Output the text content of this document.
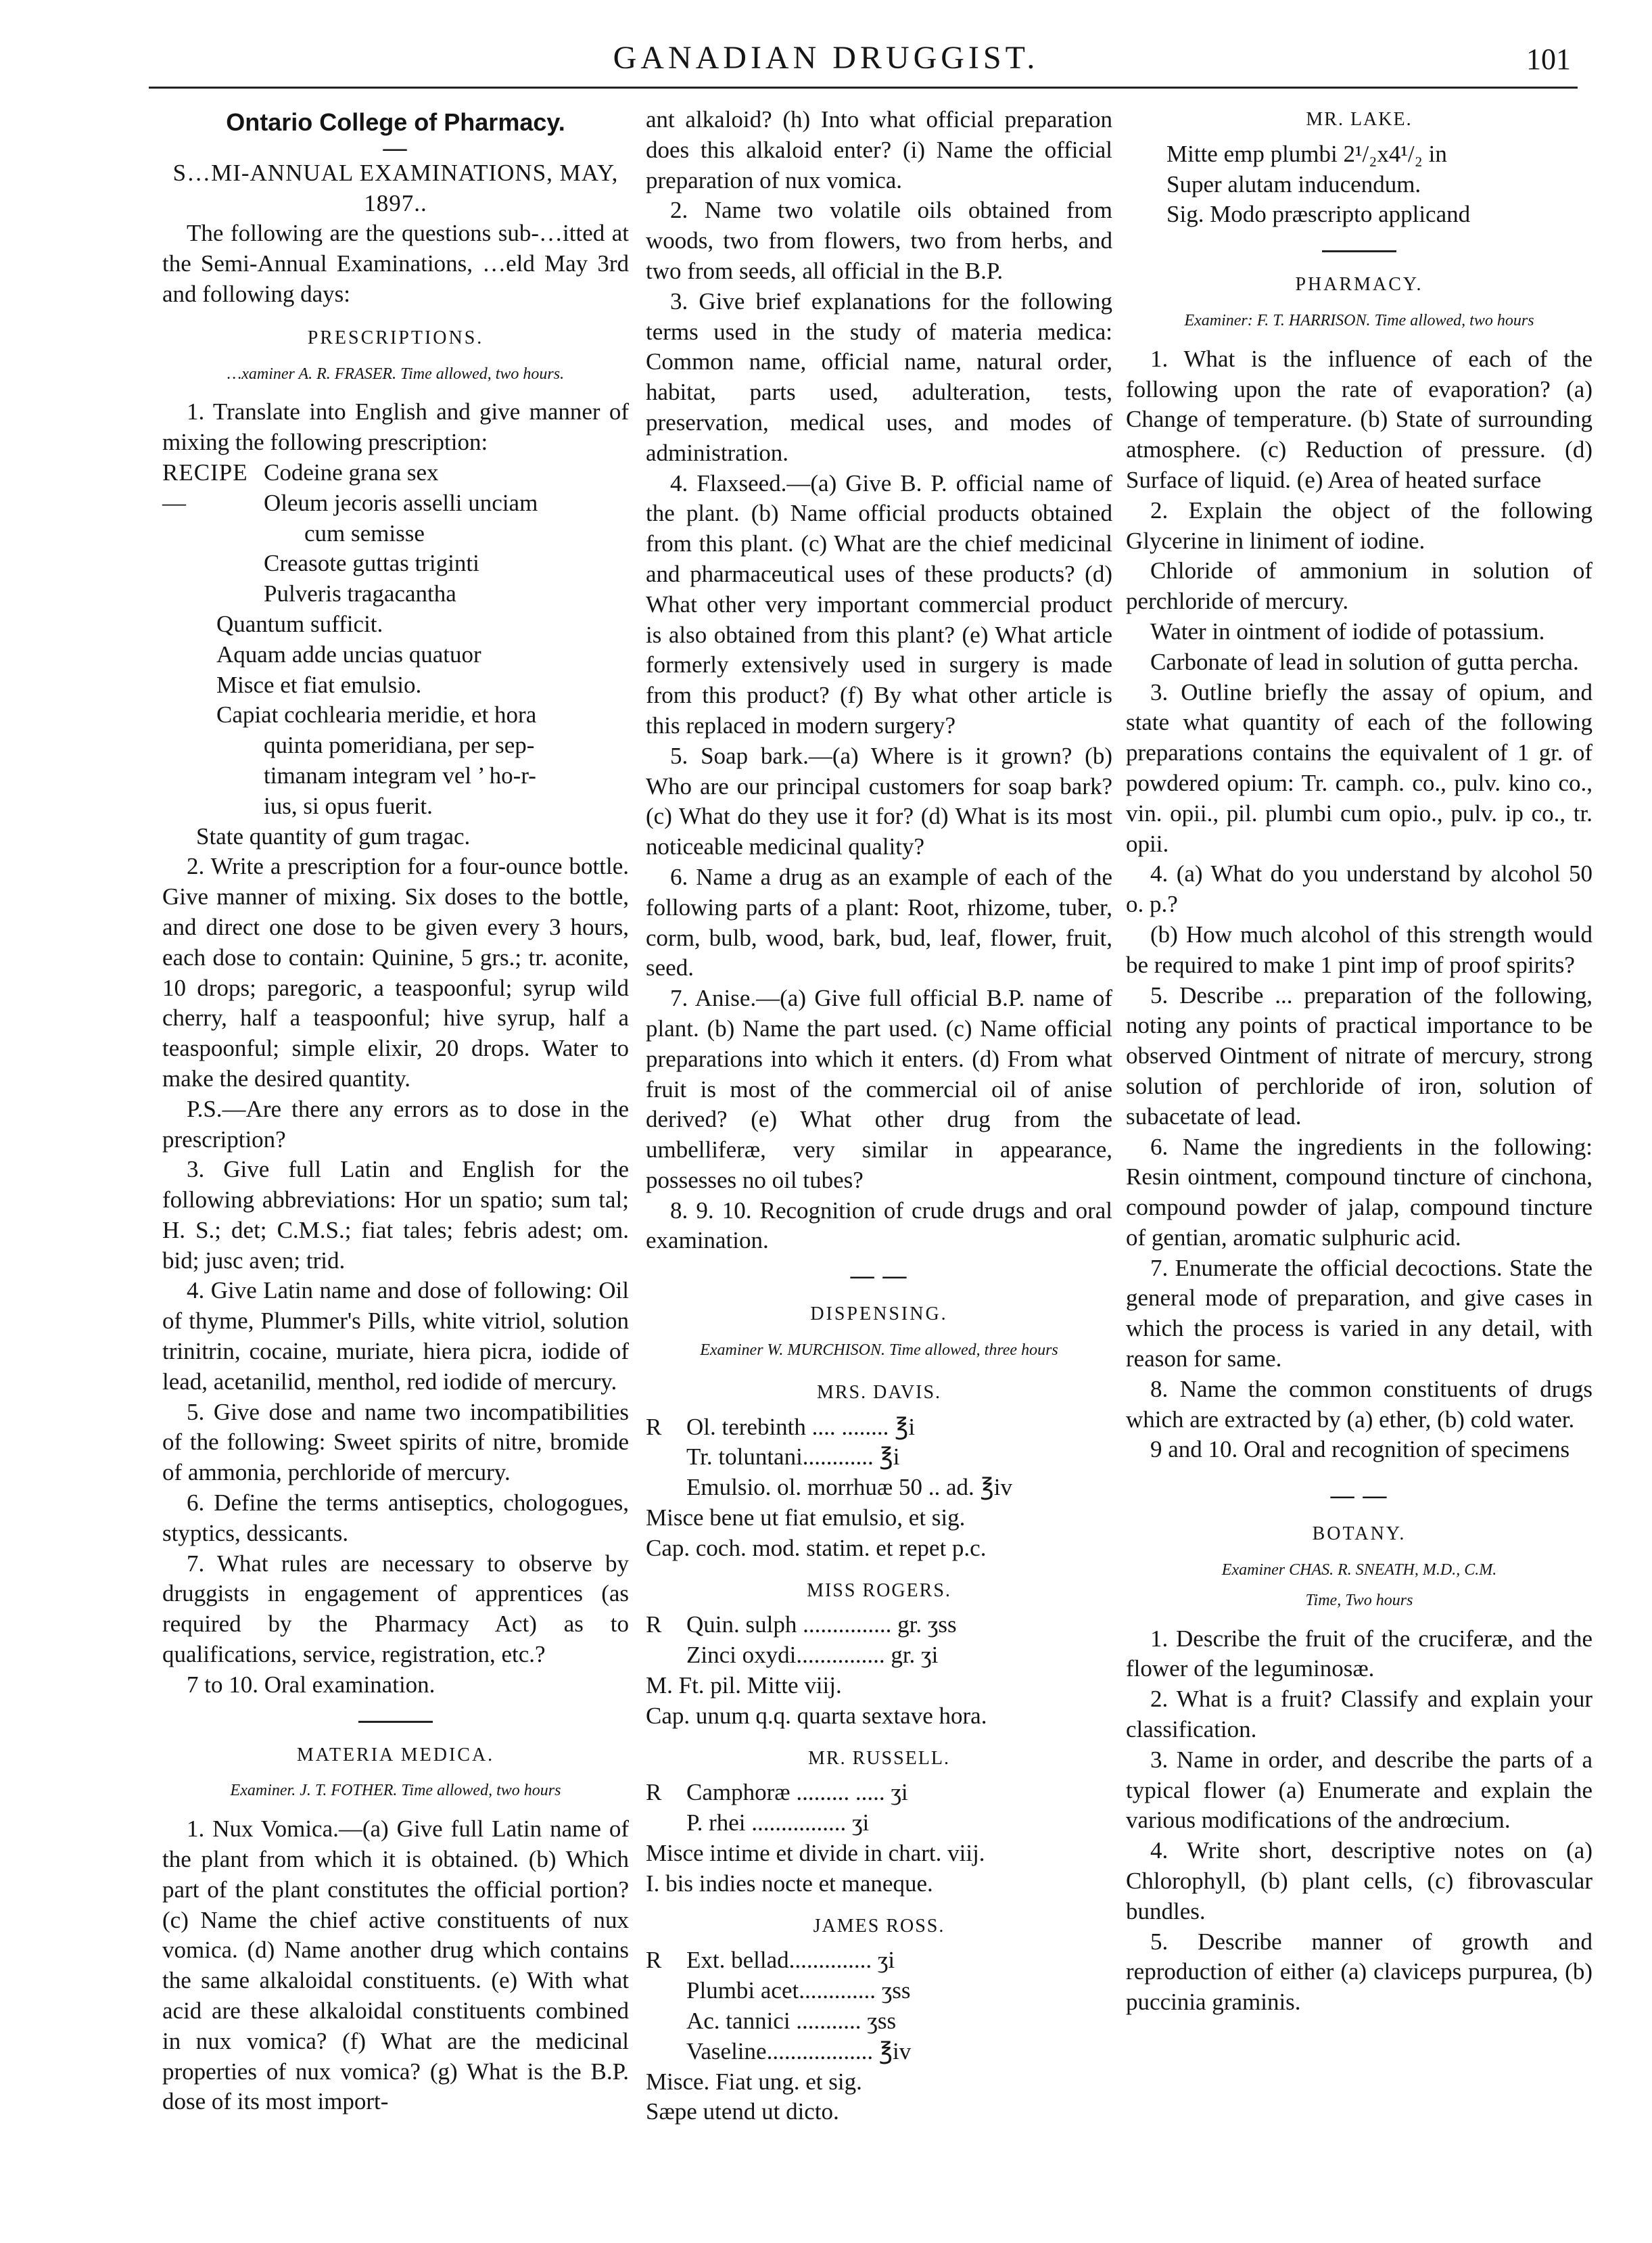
GANADIAN DRUGGIST.	101
Ontario College of Pharmacy.
—

S…MI-ANNUAL EXAMINATIONS, MAY, 1897..

The following are the questions sub-…itted at the Semi-Annual Examinations, …eld May 3rd and following days:

PRESCRIPTIONS.
…xaminer A. R. FRASER. Time allowed, two hours.

1. Translate into English and give manner of mixing the following prescription:

RECIPE—
Codeine grana sex
Oleum jecoris asselli unciam
cum semisse
Creasote guttas triginti
Pulveris tragacantha
Quantum sufficit.
Aquam adde uncias quatuor
Misce et fiat emulsio.
Capiat cochlearia meridie, et hora
quinta pomeridiana, per sep-
timanam integram vel ’ ho-r-
ius, si opus fuerit.

State quantity of gum tragac.

2. Write a prescription for a four-ounce bottle. Give manner of mixing. Six doses to the bottle, and direct one dose to be given every 3 hours, each dose to contain: Quinine, 5 grs.; tr. aconite, 10 drops; paregoric, a teaspoonful; syrup wild cherry, half a teaspoonful; hive syrup, half a teaspoonful; simple elixir, 20 drops. Water to make the desired quantity.

P.S.—Are there any errors as to dose in the prescription?

3. Give full Latin and English for the following abbreviations: Hor un spatio; sum tal; H. S.; det; C.M.S.; fiat tales; febris adest; om. bid; jusc aven; trid.

4. Give Latin name and dose of following: Oil of thyme, Plummer's Pills, white vitriol, solution trinitrin, cocaine, muriate, hiera picra, iodide of lead, acetanilid, menthol, red iodide of mercury.

5. Give dose and name two incompatibilities of the following: Sweet spirits of nitre, bromide of ammonia, perchloride of mercury.

6. Define the terms antiseptics, chologogues, styptics, dessicants.

7. What rules are necessary to observe by druggists in engagement of apprentices (as required by the Pharmacy Act) as to qualifications, service, registration, etc.?

7 to 10. Oral examination.

MATERIA MEDICA.
Examiner. J. T. FOTHER. Time allowed, two hours

1. Nux Vomica.—(a) Give full Latin name of the plant from which it is obtained. (b) Which part of the plant constitutes the official portion? (c) Name the chief active constituents of nux vomica. (d) Name another drug which contains the same alkaloidal constituents. (e) With what acid are these alkaloidal constituents combined in nux vomica? (f) What are the medicinal properties of nux vomica? (g) What is the B.P. dose of its most import-

ant alkaloid? (h) Into what official preparation does this alkaloid enter? (i) Name the official preparation of nux vomica.

2. Name two volatile oils obtained from woods, two from flowers, two from herbs, and two from seeds, all official in the B.P.

3. Give brief explanations for the following terms used in the study of materia medica: Common name, official name, natural order, habitat, parts used, adulteration, tests, preservation, medical uses, and modes of administration.

4. Flaxseed.—(a) Give B. P. official name of the plant. (b) Name official products obtained from this plant. (c) What are the chief medicinal and pharmaceutical uses of these products? (d) What other very important commercial product is also obtained from this plant? (e) What article formerly extensively used in surgery is made from this product? (f) By what other article is this replaced in modern surgery?

5. Soap bark.—(a) Where is it grown? (b) Who are our principal customers for soap bark? (c) What do they use it for? (d) What is its most noticeable medicinal quality?

6. Name a drug as an example of each of the following parts of a plant: Root, rhizome, tuber, corm, bulb, wood, bark, bud, leaf, flower, fruit, seed.

7. Anise.—(a) Give full official B.P. name of plant. (b) Name the part used. (c) Name official preparations into which it enters. (d) From what fruit is most of the commercial oil of anise derived? (e) What other drug from the umbelliferæ, very similar in appearance, possesses no oil tubes?

8. 9. 10. Recognition of crude drugs and oral examination.

— —
DISPENSING.
Examiner W. MURCHISON. Time allowed, three hours
MRS. DAVIS.
R	Ol. terebinth .... ........ ℥i
Tr. toluntani............ ℥i
Emulsio. ol. morrhuæ 50 .. ad. ℥iv
Misce bene ut fiat emulsio, et sig.
Cap. coch. mod. statim. et repet p.c.
MISS ROGERS.
R	Quin. sulph ............... gr. ʒss
Zinci oxydi............... gr. ʒi
M. Ft. pil. Mitte viij.
Cap. unum q.q. quarta sextave hora.
MR. RUSSELL.
R	Camphoræ ......... ..... ʒi
P. rhei ................ ʒi
Misce intime et divide in chart. viij.
I. bis indies nocte et maneque.
JAMES ROSS.
R	Ext. bellad.............. ʒi
Plumbi acet............. ʒss
Ac. tannici ........... ʒss
Vaseline.................. ℥iv
Misce. Fiat ung. et sig.
Sæpe utend ut dicto.
MR. LAKE.
Mitte emp plumbi 2¹/₂x4¹/₂ in
Super alutam inducendum.
Sig. Modo præscripto applicand
PHARMACY.
Examiner: F. T. HARRISON. Time allowed, two hours

1. What is the influence of each of the following upon the rate of evaporation? (a) Change of temperature. (b) State of surrounding atmosphere. (c) Reduction of pressure. (d) Surface of liquid. (e) Area of heated surface

2. Explain the object of the following Glycerine in liniment of iodine.

Chloride of ammonium in solution of perchloride of mercury.

Water in ointment of iodide of potassium.

Carbonate of lead in solution of gutta percha.

3. Outline briefly the assay of opium, and state what quantity of each of the following preparations contains the equivalent of 1 gr. of powdered opium: Tr. camph. co., pulv. kino co., vin. opii., pil. plumbi cum opio., pulv. ip co., tr. opii.

4. (a) What do you understand by alcohol 50 o. p.?

(b) How much alcohol of this strength would be required to make 1 pint imp of proof spirits?

5. Describe ... preparation of the following, noting any points of practical importance to be observed Ointment of nitrate of mercury, strong solution of perchloride of iron, solution of subacetate of lead.

6. Name the ingredients in the following: Resin ointment, compound tincture of cinchona, compound powder of jalap, compound tincture of gentian, aromatic sulphuric acid.

7. Enumerate the official decoctions. State the general mode of preparation, and give cases in which the process is varied in any detail, with reason for same.

8. Name the common constituents of drugs which are extracted by (a) ether, (b) cold water.

9 and 10. Oral and recognition of specimens

— —
BOTANY.
Examiner CHAS. R. SNEATH, M.D., C.M.
Time, Two hours

1. Describe the fruit of the cruciferæ, and the flower of the leguminosæ.

2. What is a fruit? Classify and explain your classification.

3. Name in order, and describe the parts of a typical flower (a) Enumerate and explain the various modifications of the andrœcium.

4. Write short, descriptive notes on (a) Chlorophyll, (b) plant cells, (c) fibrovascular bundles.

5. Describe manner of growth and reproduction of either (a) claviceps purpurea, (b) puccinia graminis.
